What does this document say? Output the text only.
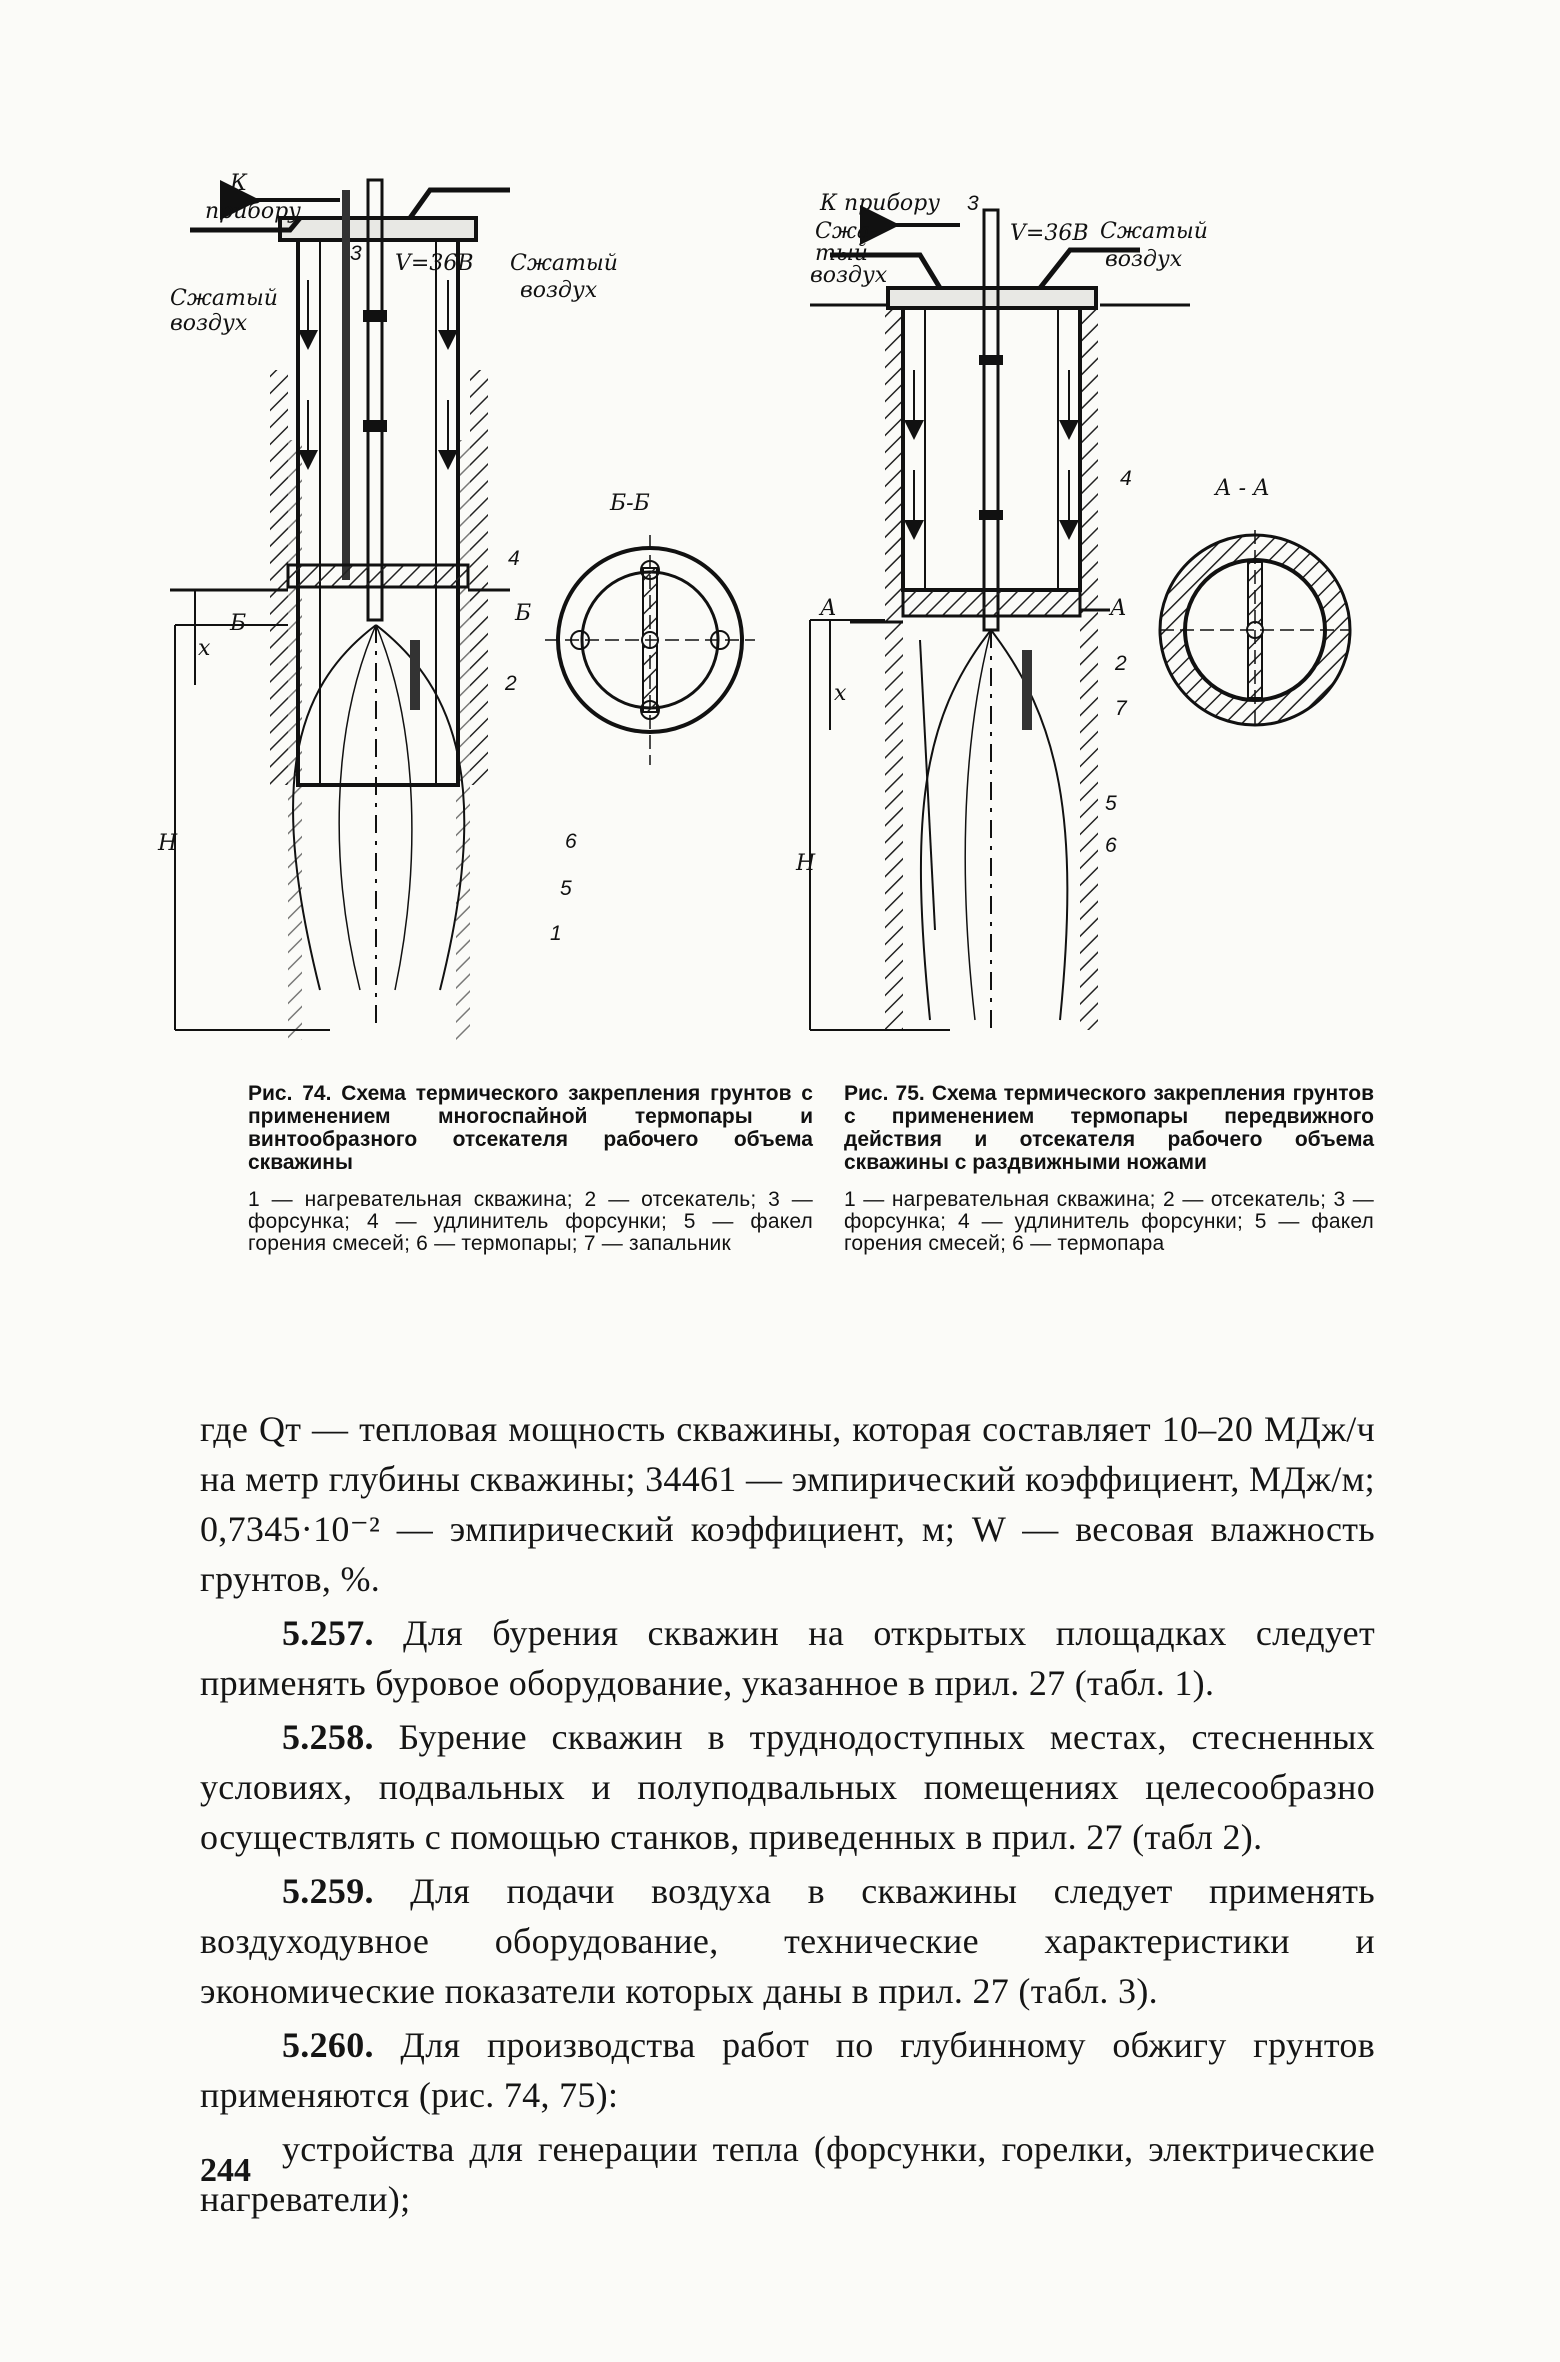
К
прибору
3 V=36В Сжатый
воздух
Сжатый
воздух
Б-Б
Б	Б
x
H
4
2
6
5
1
К прибору 3
V=36В Сжатый
воздух
Сжа-
тый
воздух
А - А
А	А
x
H
4
2
7
5
6
Рис. 74. Схема термического закрепления грунтов с применением многоспайной термопары и винтообразного отсекателя рабочего объема скважины
1 — нагревательная скважина; 2 — отсекатель; 3 — форсунка; 4 — удлинитель форсунки; 5 — факел горения смесей; 6 — термопары; 7 — запальник
Рис. 75. Схема термического закрепления грунтов с применением термопары передвижного действия и отсекателя рабочего объема скважины с раздвижными ножами
1 — нагревательная скважина; 2 — отсекатель; 3 — форсунка; 4 — удлинитель форсунки; 5 — факел горения смесей; 6 — термопара

где Qт — тепловая мощность скважины, которая составляет 10–20 МДж/ч на метр глубины скважины; 34461 — эмпирический коэффициент, МДж/м; 0,7345·10⁻² — эмпирический коэффициент, м; W — весовая влажность грунтов, %.

5.257. Для бурения скважин на открытых площадках следует применять буровое оборудование, указанное в прил. 27 (табл. 1).

5.258. Бурение скважин в труднодоступных местах, стесненных условиях, подвальных и полуподвальных помещениях целесообразно осуществлять с помощью станков, приведенных в прил. 27 (табл 2).

5.259. Для подачи воздуха в скважины следует применять воздуходувное оборудование, технические характеристики и экономические показатели которых даны в прил. 27 (табл. 3).

5.260. Для производства работ по глубинному обжигу грунтов применяются (рис. 74, 75):

устройства для генерации тепла (форсунки, горелки, электрические нагреватели);

244
